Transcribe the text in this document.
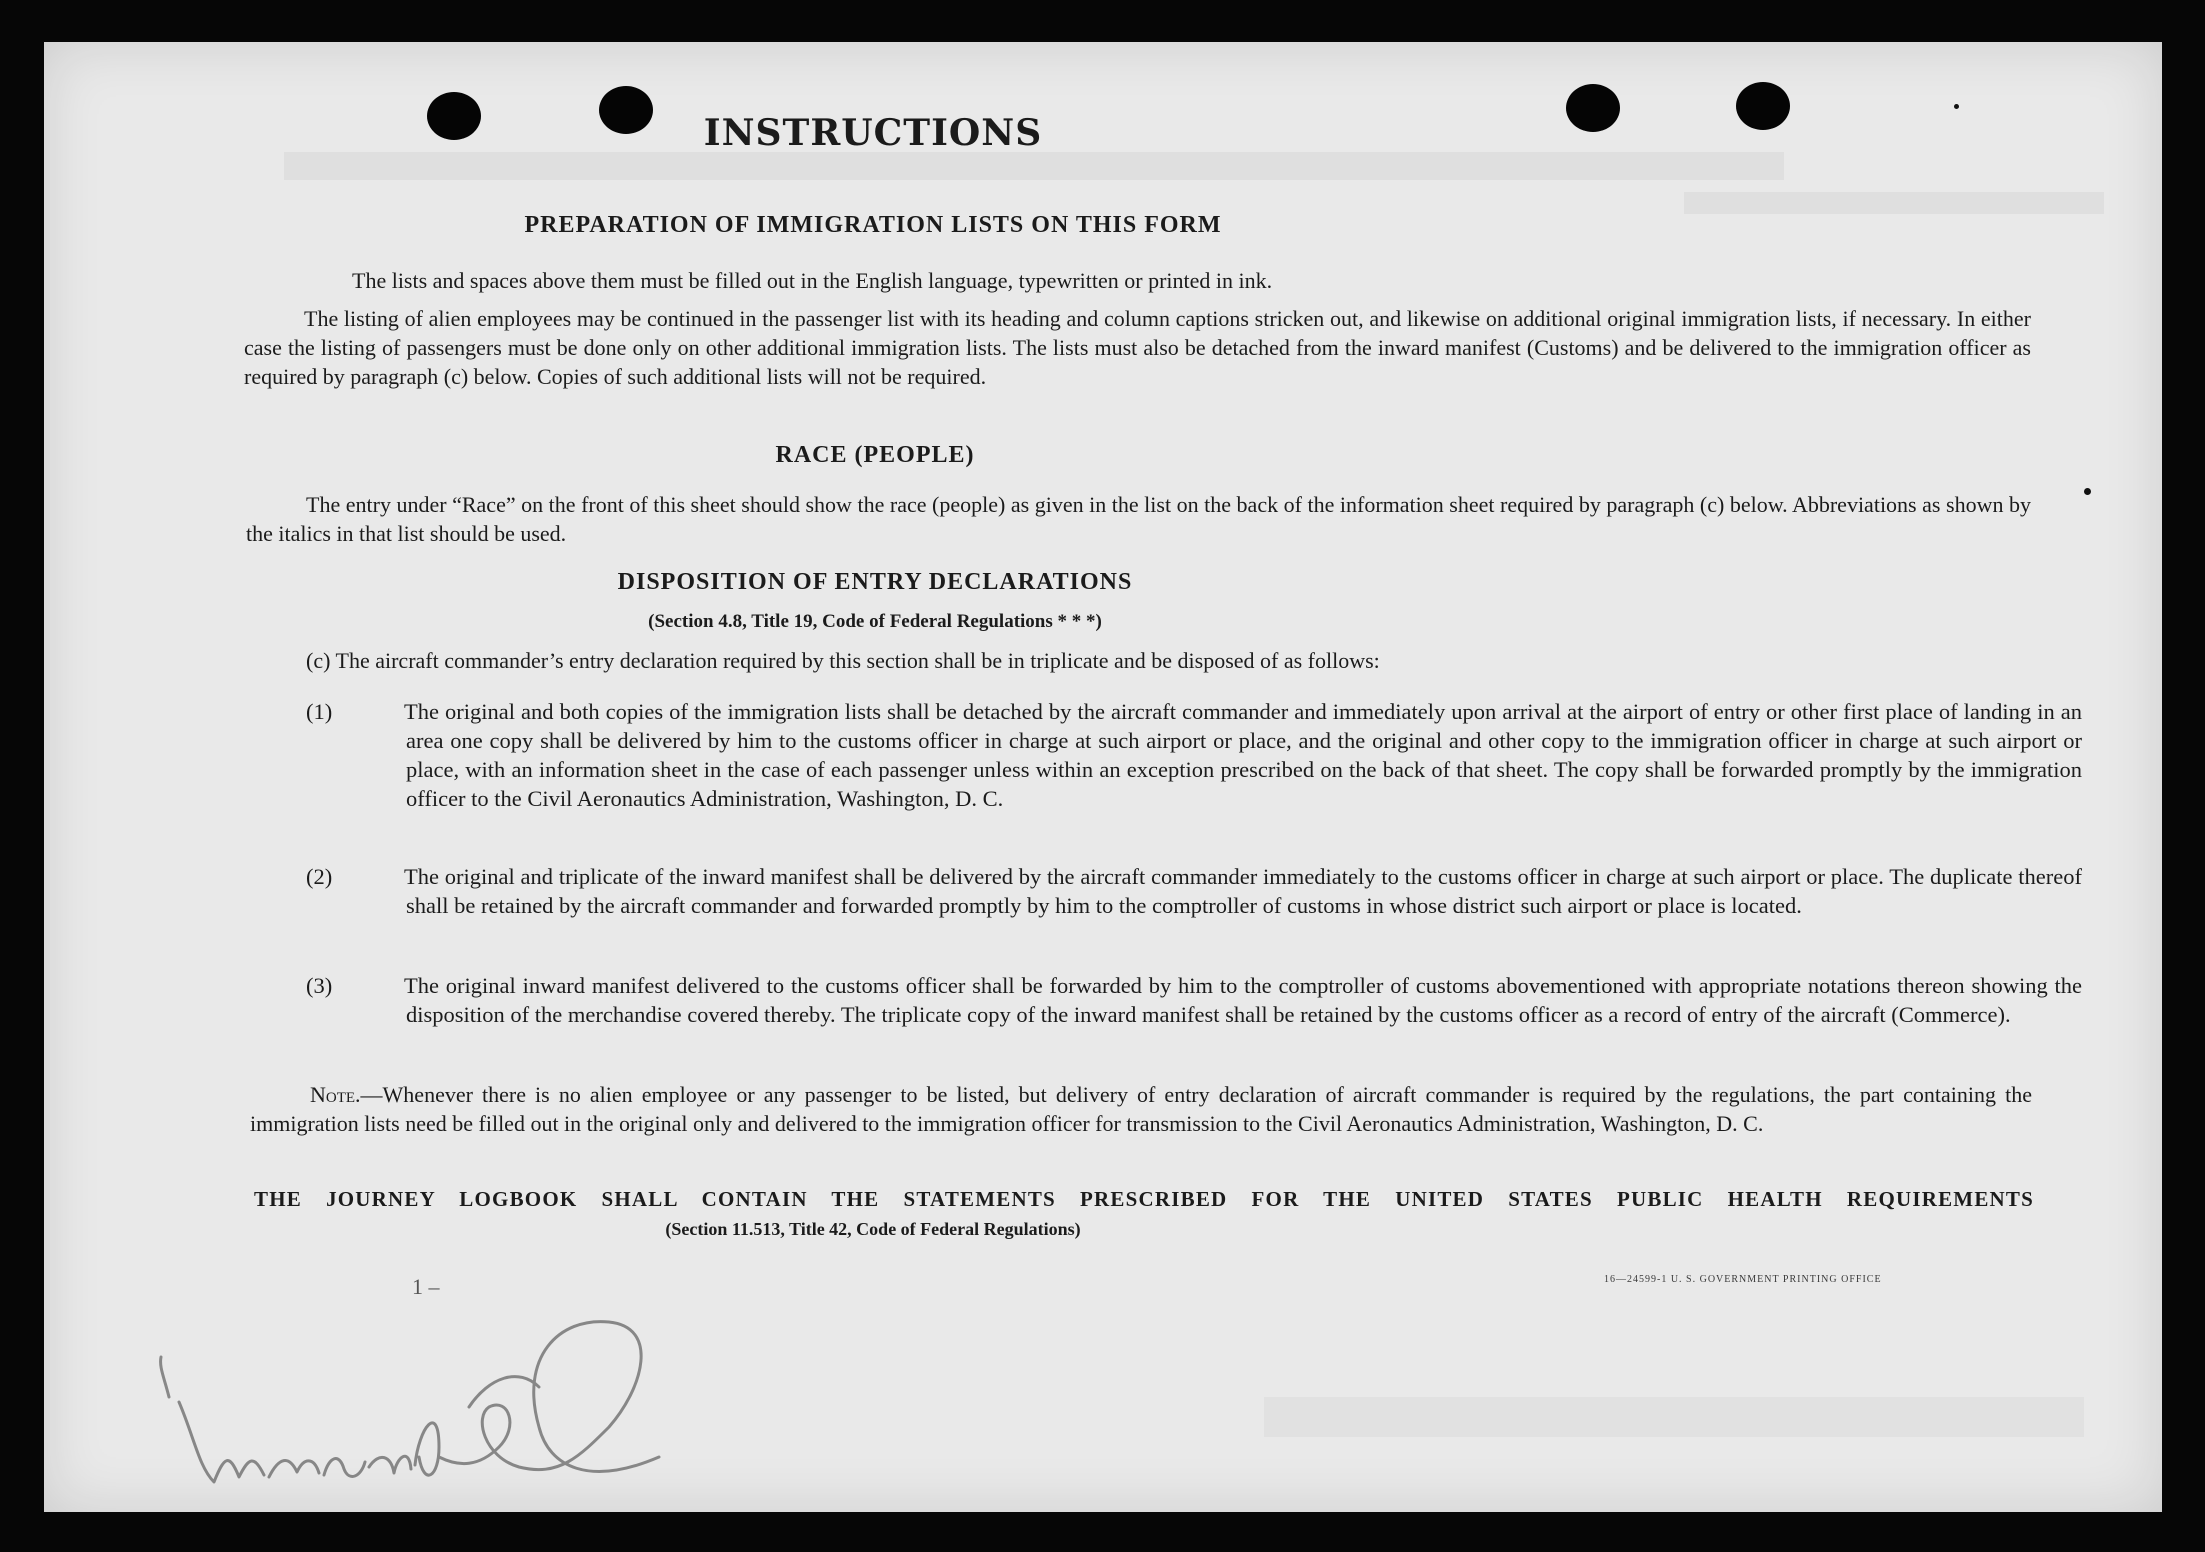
INSTRUCTIONS
PREPARATION OF IMMIGRATION LISTS ON THIS FORM
The lists and spaces above them must be filled out in the English language, typewritten or printed in ink.
The listing of alien employees may be continued in the passenger list with its heading and column captions stricken out, and likewise on additional original immigration lists, if necessary. In either case the listing of passengers must be done only on other additional immigration lists. The lists must also be detached from the inward manifest (Customs) and be delivered to the immigration officer as required by paragraph (c) below. Copies of such additional lists will not be required.
RACE (PEOPLE)
The entry under “Race” on the front of this sheet should show the race (people) as given in the list on the back of the information sheet required by paragraph (c) below. Abbreviations as shown by the italics in that list should be used.
DISPOSITION OF ENTRY DECLARATIONS
(Section 4.8, Title 19, Code of Federal Regulations * * *)
(c) The aircraft commander’s entry declaration required by this section shall be in triplicate and be disposed of as follows:
(1)	The original and both copies of the immigration lists shall be detached by the aircraft commander and immediately upon arrival at the airport of entry or other first place of landing in an area one copy shall be delivered by him to the customs officer in charge at such airport or place, and the original and other copy to the immigration officer in charge at such airport or place, with an information sheet in the case of each passenger unless within an exception prescribed on the back of that sheet. The copy shall be forwarded promptly by the immigration officer to the Civil Aeronautics Administration, Washington, D. C.
(2)	The original and triplicate of the inward manifest shall be delivered by the aircraft commander immediately to the customs officer in charge at such airport or place. The duplicate thereof shall be retained by the aircraft commander and forwarded promptly by him to the comptroller of customs in whose district such airport or place is located.
(3)	The original inward manifest delivered to the customs officer shall be forwarded by him to the comptroller of customs abovementioned with appropriate notations thereon showing the disposition of the merchandise covered thereby. The triplicate copy of the inward manifest shall be retained by the customs officer as a record of entry of the aircraft (Commerce).
Note.—Whenever there is no alien employee or any passenger to be listed, but delivery of entry declaration of aircraft commander is required by the regulations, the part containing the immigration lists need be filled out in the original only and delivered to the immigration officer for transmission to the Civil Aeronautics Administration, Washington, D. C.
THE JOURNEY LOGBOOK SHALL CONTAIN THE STATEMENTS PRESCRIBED FOR THE UNITED STATES PUBLIC HEALTH REQUIREMENTS
(Section 11.513, Title 42, Code of Federal Regulations)
16—24599-1 U. S. GOVERNMENT PRINTING OFFICE
1 –
